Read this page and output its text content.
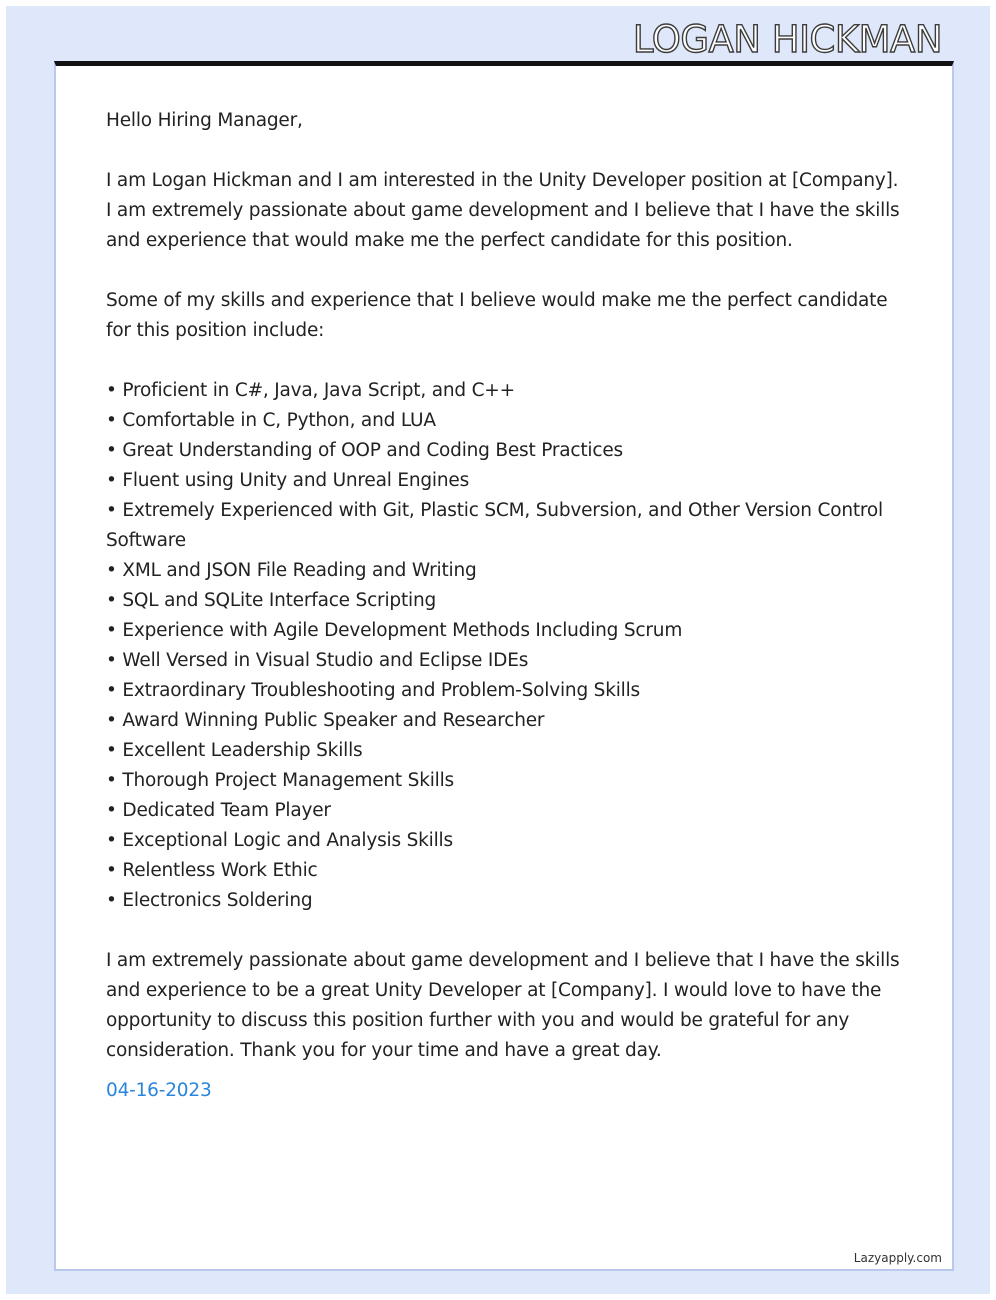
LOGAN HICKMAN

Hello Hiring Manager,

I am Logan Hickman and I am interested in the Unity Developer position at [Company]. I am extremely passionate about game development and I believe that I have the skills and experience that would make me the perfect candidate for this position.

Some of my skills and experience that I believe would make me the perfect candidate for this position include:

• Proficient in C#, Java, Java Script, and C++
• Comfortable in C, Python, and LUA
• Great Understanding of OOP and Coding Best Practices
• Fluent using Unity and Unreal Engines
• Extremely Experienced with Git, Plastic SCM, Subversion, and Other Version Control Software
• XML and JSON File Reading and Writing
• SQL and SQLite Interface Scripting
• Experience with Agile Development Methods Including Scrum
• Well Versed in Visual Studio and Eclipse IDEs
• Extraordinary Troubleshooting and Problem-Solving Skills
• Award Winning Public Speaker and Researcher
• Excellent Leadership Skills
• Thorough Project Management Skills
• Dedicated Team Player
• Exceptional Logic and Analysis Skills
• Relentless Work Ethic
• Electronics Soldering

I am extremely passionate about game development and I believe that I have the skills and experience to be a great Unity Developer at [Company]. I would love to have the opportunity to discuss this position further with you and would be grateful for any consideration. Thank you for your time and have a great day.

04-16-2023

Lazyapply.com
